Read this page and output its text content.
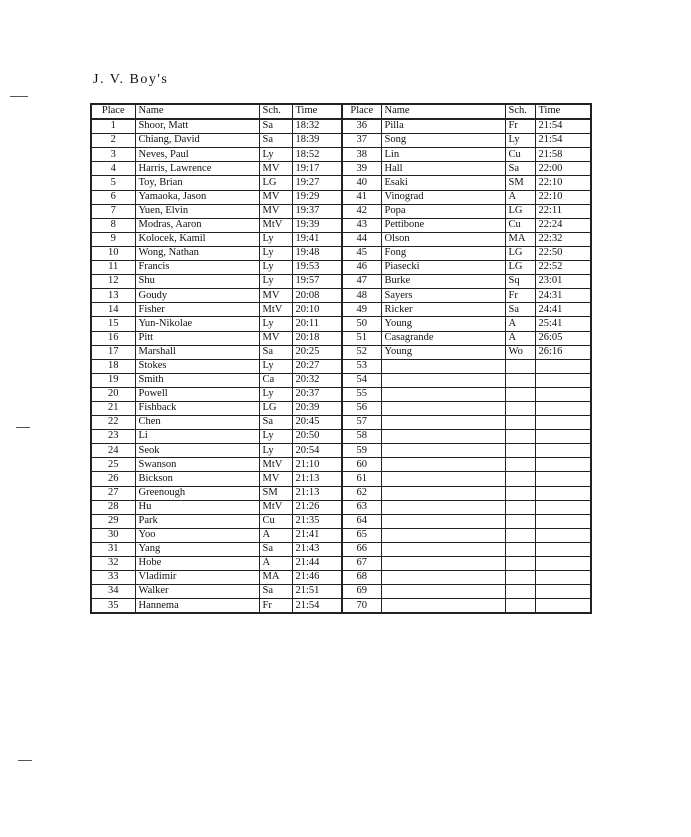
J. V. Boy's
Place	Name	Sch.	Time	Place	Name	Sch.	Time
1	Shoor, Matt	Sa	18:32	36	Pilla	Fr	21:54
2	Chiang, David	Sa	18:39	37	Song	Ly	21:54
3	Neves, Paul	Ly	18:52	38	Lin	Cu	21:58
4	Harris, Lawrence	MV	19:17	39	Hall	Sa	22:00
5	Toy, Brian	LG	19:27	40	Esaki	SM	22:10
6	Yamaoka, Jason	MV	19:29	41	Vinograd	A	22:10
7	Yuen, Elvin	MV	19:37	42	Popa	LG	22:11
8	Modras, Aaron	MtV	19:39	43	Pettibone	Cu	22:24
9	Kolocek, Kamil	Ly	19:41	44	Olson	MA	22:32
10	Wong, Nathan	Ly	19:48	45	Fong	LG	22:50
11	Francis	Ly	19:53	46	Piasecki	LG	22:52
12	Shu	Ly	19:57	47	Burke	Sq	23:01
13	Goudy	MV	20:08	48	Sayers	Fr	24:31
14	Fisher	MtV	20:10	49	Ricker	Sa	24:41
15	Yun-Nikolae	Ly	20:11	50	Young	A	25:41
16	Pitt	MV	20:18	51	Casagrande	A	26:05
17	Marshall	Sa	20:25	52	Young	Wo	26:16
18	Stokes	Ly	20:27	53			
19	Smith	Ca	20:32	54			
20	Powell	Ly	20:37	55			
21	Fishback	LG	20:39	56			
22	Chen	Sa	20:45	57			
23	Li	Ly	20:50	58			
24	Seok	Ly	20:54	59			
25	Swanson	MtV	21:10	60			
26	Bickson	MV	21:13	61			
27	Greenough	SM	21:13	62			
28	Hu	MtV	21:26	63			
29	Park	Cu	21:35	64			
30	Yoo	A	21:41	65			
31	Yang	Sa	21:43	66			
32	Hobe	A	21:44	67			
33	Vladimir	MA	21:46	68			
34	Walker	Sa	21:51	69			
35	Hannema	Fr	21:54	70			
